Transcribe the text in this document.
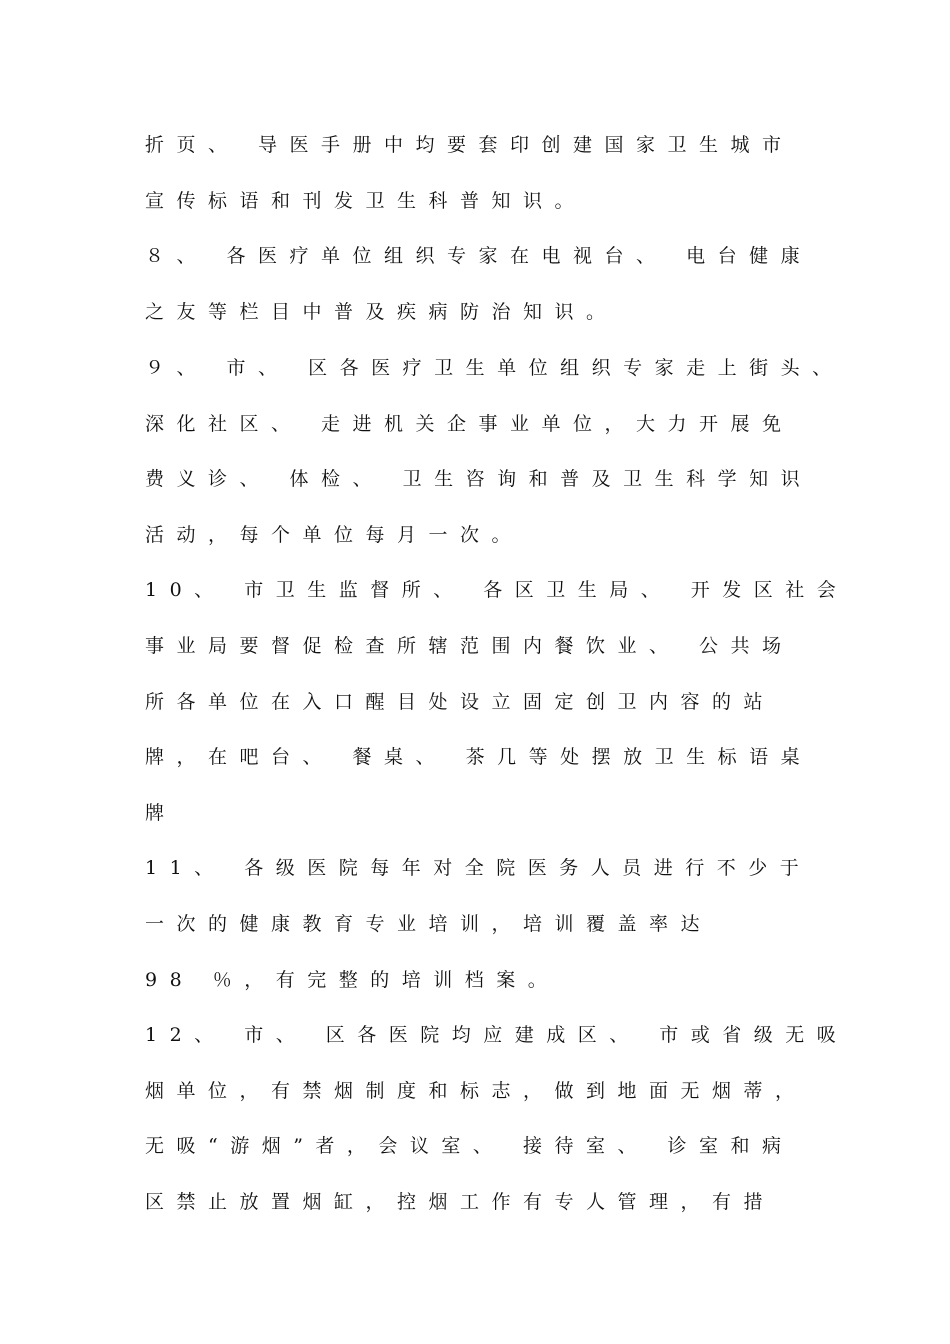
折页、 导医手册中均要套印创建国家卫生城市
宣传标语和刊发卫生科普知识。
８、 各医疗单位组织专家在电视台、 电台健康
之友等栏目中普及疾病防治知识。
９、 市、 区各医疗卫生单位组织专家走上街头、
深化社区、 走进机关企事业单位，大力开展免
费义诊、 体检、 卫生咨询和普及卫生科学知识
活动，每个单位每月一次。
10、 市卫生监督所、 各区卫生局、 开发区社会
事业局要督促检查所辖范围内餐饮业、 公共场
所各单位在入口醒目处设立固定创卫内容的站
牌，在吧台、 餐桌、 茶几等处摆放卫生标语桌
牌
11、 各级医院每年对全院医务人员进行不少于
一次的健康教育专业培训，培训覆盖率达
98 ％，有完整的培训档案。
12、 市、 区各医院均应建成区、 市或省级无吸
烟单位，有禁烟制度和标志，做到地面无烟蒂，
无吸“游烟”者，会议室、 接待室、 诊室和病
区禁止放置烟缸，控烟工作有专人管理，有措
